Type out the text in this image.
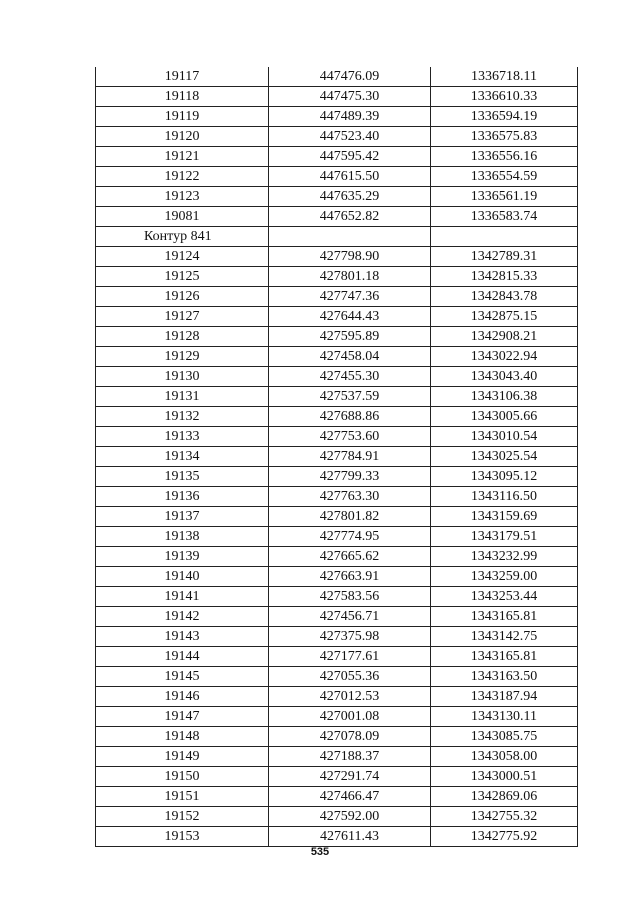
19117	447476.09	1336718.11
19118	447475.30	1336610.33
19119	447489.39	1336594.19
19120	447523.40	1336575.83
19121	447595.42	1336556.16
19122	447615.50	1336554.59
19123	447635.29	1336561.19
19081	447652.82	1336583.74
Контур 841		
19124	427798.90	1342789.31
19125	427801.18	1342815.33
19126	427747.36	1342843.78
19127	427644.43	1342875.15
19128	427595.89	1342908.21
19129	427458.04	1343022.94
19130	427455.30	1343043.40
19131	427537.59	1343106.38
19132	427688.86	1343005.66
19133	427753.60	1343010.54
19134	427784.91	1343025.54
19135	427799.33	1343095.12
19136	427763.30	1343116.50
19137	427801.82	1343159.69
19138	427774.95	1343179.51
19139	427665.62	1343232.99
19140	427663.91	1343259.00
19141	427583.56	1343253.44
19142	427456.71	1343165.81
19143	427375.98	1343142.75
19144	427177.61	1343165.81
19145	427055.36	1343163.50
19146	427012.53	1343187.94
19147	427001.08	1343130.11
19148	427078.09	1343085.75
19149	427188.37	1343058.00
19150	427291.74	1343000.51
19151	427466.47	1342869.06
19152	427592.00	1342755.32
19153	427611.43	1342775.92
535
